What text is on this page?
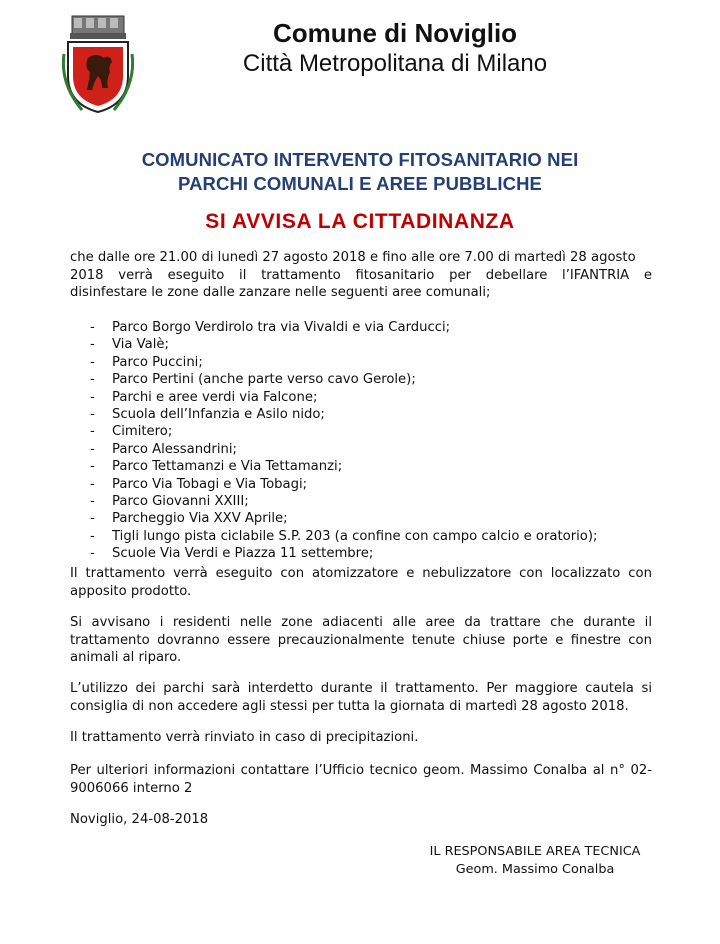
Comune di Noviglio
Città Metropolitana di Milano
COMUNICATO INTERVENTO FITOSANITARIO NEI
PARCHI COMUNALI E AREE PUBBLICHE
SI AVVISA LA CITTADINANZA
che dalle ore 21.00 di lunedì 27 agosto 2018 e fino alle ore 7.00 di martedì 28 agosto
2018 verrà eseguito il trattamento fitosanitario per debellare l’IFANTRIA e
disinfestare le zone dalle zanzare nelle seguenti aree comunali;
- Parco Borgo Verdirolo tra via Vivaldi e via Carducci;
- Via Valè;
- Parco Puccini;
- Parco Pertini (anche parte verso cavo Gerole);
- Parchi e aree verdi via Falcone;
- Scuola dell’Infanzia e Asilo nido;
- Cimitero;
- Parco Alessandrini;
- Parco Tettamanzi e Via Tettamanzi;
- Parco Via Tobagi e Via Tobagi;
- Parco Giovanni XXIII;
- Parcheggio Via XXV Aprile;
- Tigli lungo pista ciclabile S.P. 203 (a confine con campo calcio e oratorio);
- Scuole Via Verdi e Piazza 11 settembre;
Il trattamento verrà eseguito con atomizzatore e nebulizzatore con localizzato con apposito prodotto.
Si avvisano i residenti nelle zone adiacenti alle aree da trattare che durante il trattamento dovranno essere precauzionalmente tenute chiuse porte e finestre con animali al riparo.
L’utilizzo dei parchi sarà interdetto durante il trattamento. Per maggiore cautela si consiglia di non accedere agli stessi per tutta la giornata di martedì 28 agosto 2018.
Il trattamento verrà rinviato in caso di precipitazioni.
Per ulteriori informazioni contattare l’Ufficio tecnico geom. Massimo Conalba al n° 02-9006066 interno 2
Noviglio, 24-08-2018
IL RESPONSABILE AREA TECNICA
Geom. Massimo Conalba
